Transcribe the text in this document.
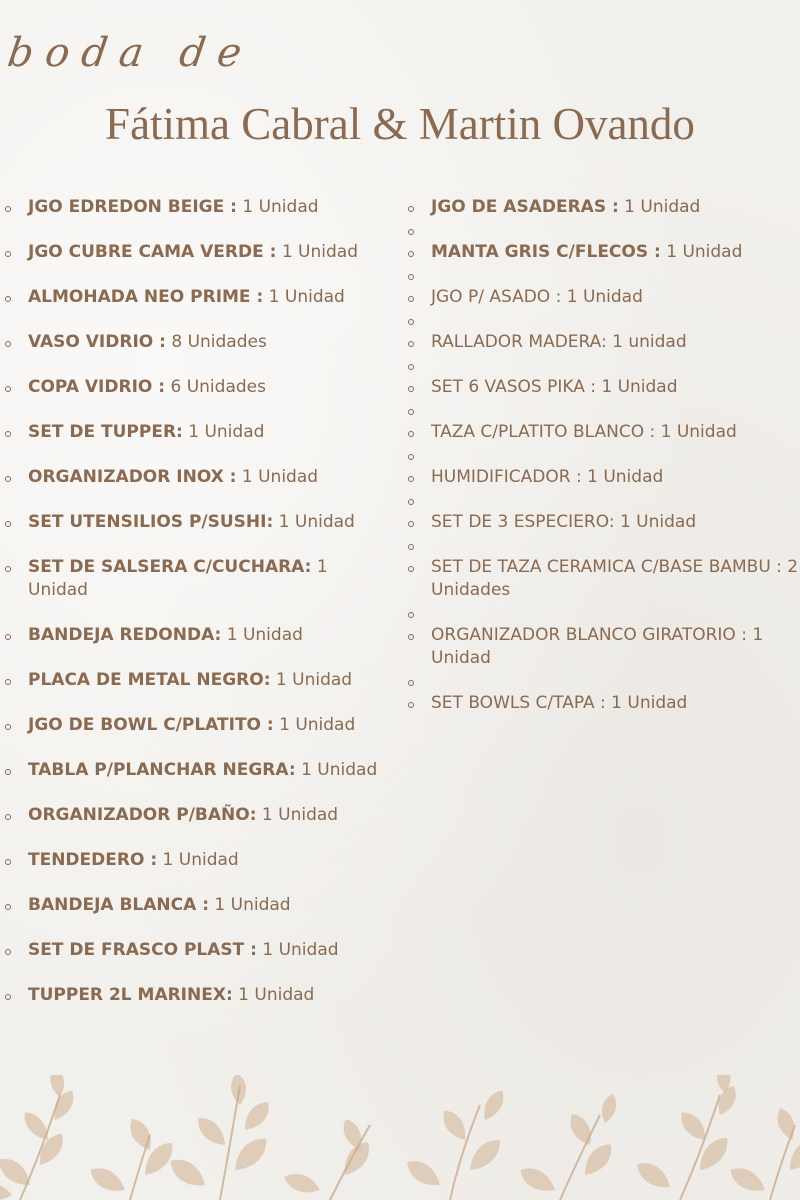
boda de
Fátima Cabral & Martin Ovando
JGO EDREDON BEIGE : 1 Unidad
JGO CUBRE CAMA VERDE : 1 Unidad
ALMOHADA NEO PRIME : 1 Unidad
VASO VIDRIO : 8 Unidades
COPA VIDRIO : 6 Unidades
SET DE TUPPER: 1 Unidad
ORGANIZADOR INOX : 1 Unidad
SET UTENSILIOS P/SUSHI: 1 Unidad
SET DE SALSERA C/CUCHARA: 1 Unidad
BANDEJA REDONDA: 1 Unidad
PLACA DE METAL NEGRO: 1 Unidad
JGO DE BOWL C/PLATITO : 1 Unidad
TABLA P/PLANCHAR NEGRA: 1 Unidad
ORGANIZADOR P/BAÑO: 1 Unidad
TENDEDERO : 1 Unidad
BANDEJA BLANCA : 1 Unidad
SET DE FRASCO PLAST : 1 Unidad
TUPPER 2L MARINEX: 1 Unidad
JGO DE ASADERAS : 1 Unidad
MANTA GRIS C/FLECOS : 1 Unidad
JGO P/ ASADO : 1 Unidad
RALLADOR MADERA: 1 unidad
SET 6 VASOS PIKA : 1 Unidad
TAZA C/PLATITO BLANCO : 1 Unidad
HUMIDIFICADOR : 1 Unidad
SET DE 3 ESPECIERO: 1 Unidad
SET DE TAZA CERAMICA C/BASE BAMBU : 2 Unidades
ORGANIZADOR BLANCO GIRATORIO : 1 Unidad
SET BOWLS C/TAPA : 1 Unidad
